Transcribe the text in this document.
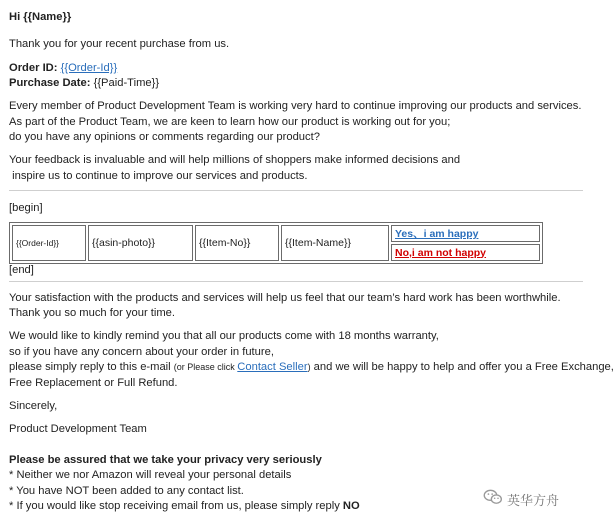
Hi {{Name}}
Thank you for your recent purchase from us.
Order ID: {{Order-Id}}
Purchase Date: {{Paid-Time}}
Every member of Product Development Team is working very hard to continue improving our products and services.
As part of the Product Team, we are keen to learn how our product is working out for you;
do you have any opinions or comments regarding our product?
Your feedback is invaluable and will help millions of shoppers make informed decisions and
inspire us to continue to improve our services and products.
[begin]
{{Order-Id}}	{{asin-photo}}	{{Item-No}}	{{Item-Name}}	Yes、i am happy
No,i am not happy
[end]
Your satisfaction with the products and services will help us feel that our team’s hard work has been worthwhile.
Thank you so much for your time.
We would like to kindly remind you that all our products come with 18 months warranty,
so if you have any concern about your order in future,
please simply reply to this e-mail (or Please click Contact Seller) and we will be happy to help and offer you a Free Exchange,
Free Replacement or Full Refund.
Sincerely,
Product Development Team
Please be assured that we take your privacy very seriously
* Neither we nor Amazon will reveal your personal details
* You have NOT been added to any contact list.
* If you would like stop receiving email from us, please simply reply NO	英华方舟
